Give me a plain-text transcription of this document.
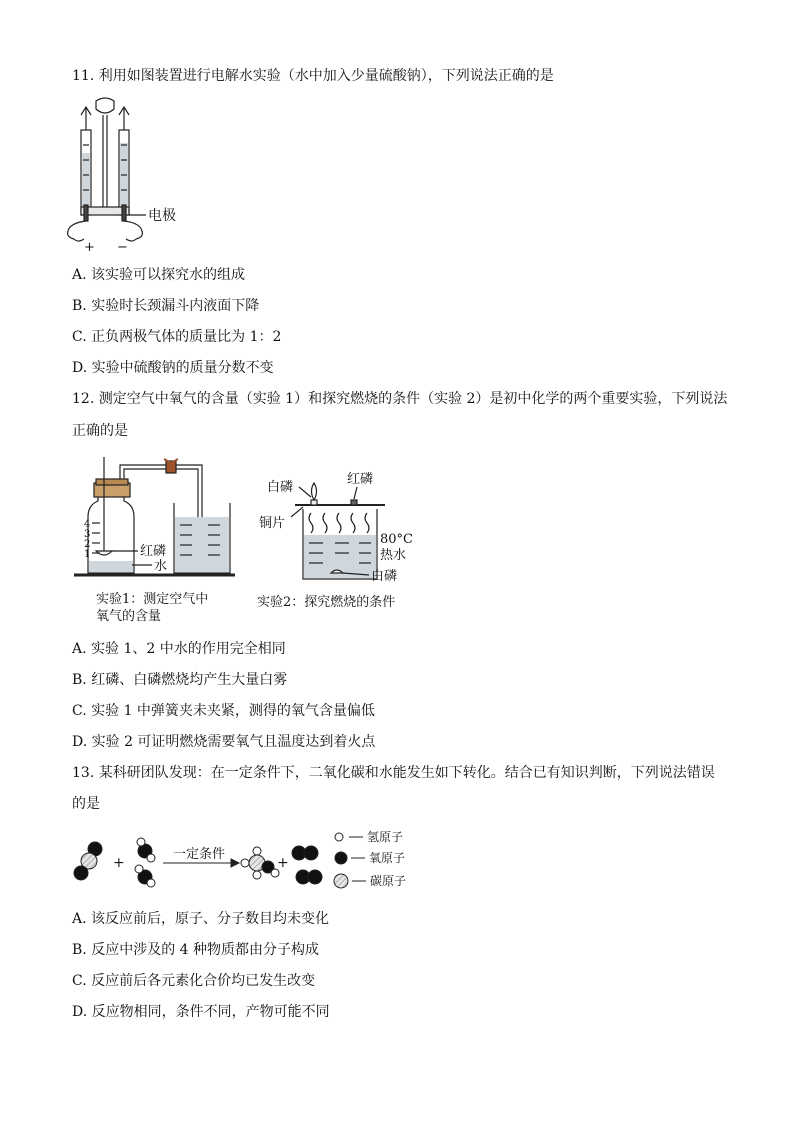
11. 利用如图装置进行电解水实验（水中加入少量硫酸钠），下列说法正确的是
电极
+ −
A. 该实验可以探究水的组成
B. 实验时长颈漏斗内液面下降
C. 正负两极气体的质量比为 1：2
D. 实验中硫酸钠的质量分数不变
12. 测定空气中氧气的含量（实验 1）和探究燃烧的条件（实验 2）是初中化学的两个重要实验，下列说法
正确的是
4
3
2
1	红磷
水
实验1：测定空气中
氧气的含量
白磷
红磷
铜片
80°C
热水
白磷
实验2：探究燃烧的条件
A. 实验 1、2 中水的作用完全相同
B. 红磷、白磷燃烧均产生大量白雾
C. 实验 1 中弹簧夹未夹紧，测得的氧气含量偏低
D. 实验 2 可证明燃烧需要氧气且温度达到着火点
13. 某科研团队发现：在一定条件下，二氧化碳和水能发生如下转化。结合已有知识判断，下列说法错误
的是
+
一定条件
+
氢原子
氧原子
碳原子
A. 该反应前后，原子、分子数目均未变化
B. 反应中涉及的 4 种物质都由分子构成
C. 反应前后各元素化合价均已发生改变
D. 反应物相同，条件不同，产物可能不同
